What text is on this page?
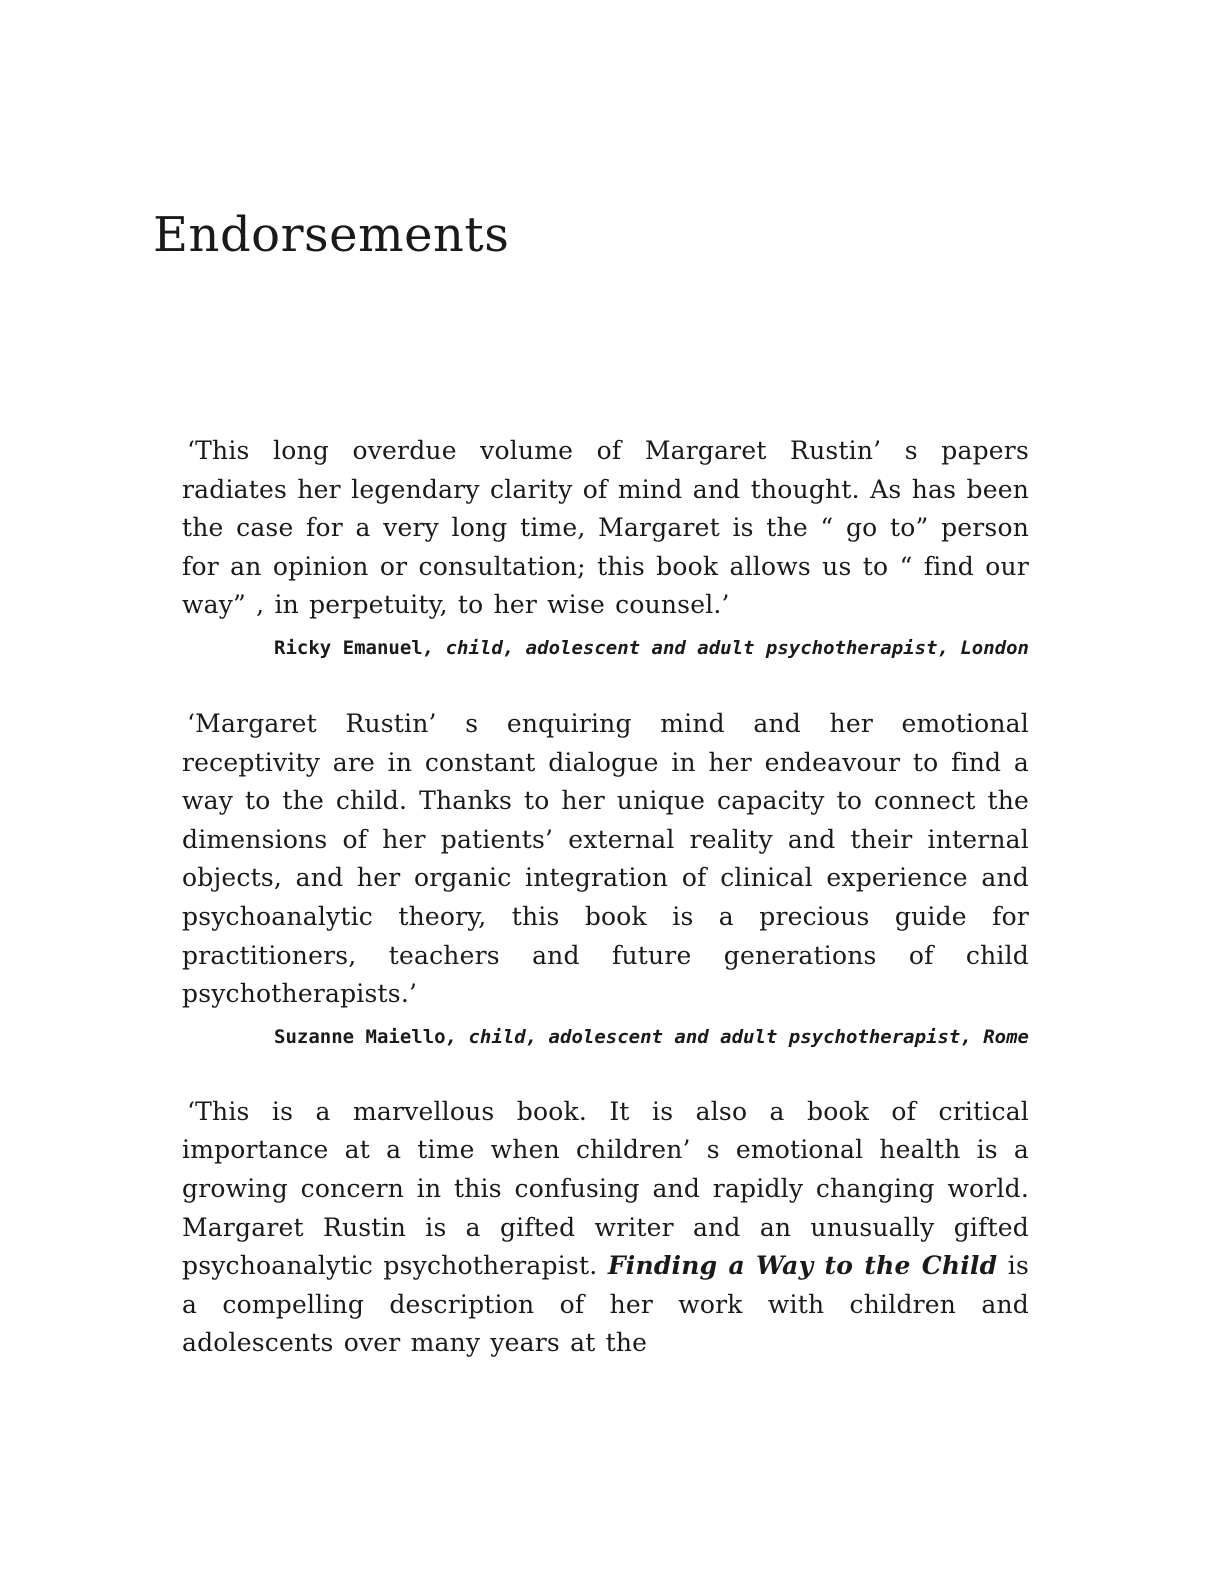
Endorsements

‘This long overdue volume of Margaret Rustin’ s papers radiates her legendary clarity of mind and thought. As has been the case for a very long time, Margaret is the “ go to” person for an opinion or consultation; this book allows us to “ find our way” , in perpetuity, to her wise counsel.’

Ricky Emanuel, child, adolescent and adult psychotherapist, London

‘Margaret Rustin’ s enquiring mind and her emotional receptivity are in constant dialogue in her endeavour to find a way to the child. Thanks to her unique capacity to connect the dimensions of her patients’ external reality and their internal objects, and her organic integration of clinical experience and psychoanalytic theory, this book is a precious guide for practitioners, teachers and future generations of child psychotherapists.’

Suzanne Maiello, child, adolescent and adult psychotherapist, Rome

‘This is a marvellous book. It is also a book of critical importance at a time when children’ s emotional health is a growing concern in this confusing and rapidly changing world. Margaret Rustin is a gifted writer and an unusually gifted psychoanalytic psychotherapist. Finding a Way to the Child is a compelling description of her work with children and adolescents over many years at the
